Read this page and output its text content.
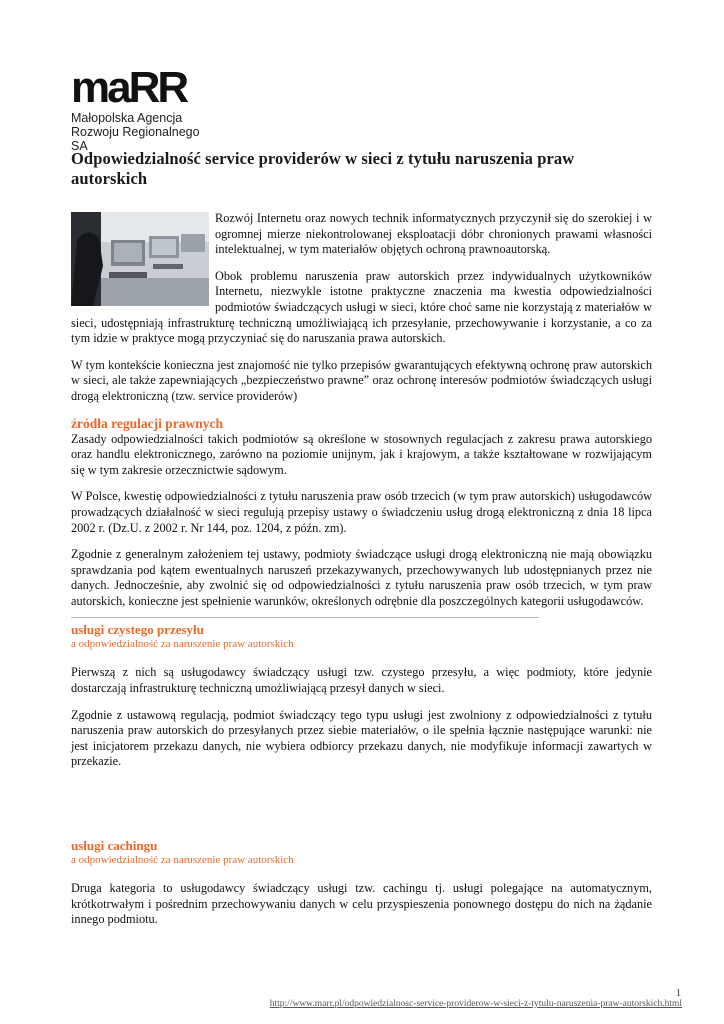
maRR
Małopolska Agencja
Rozwoju Regionalnego SA
Odpowiedzialność service providerów w sieci z tytułu naruszenia praw autorskich

Rozwój Internetu oraz nowych technik informatycznych przyczynił się do szerokiej i w ogromnej mierze niekontrolowanej eksploatacji dóbr chronionych prawami własności intelektualnej, w tym materiałów objętych ochroną prawnoautorską.

Obok problemu naruszenia praw autorskich przez indywidualnych użytkowników Internetu, niezwykle istotne praktyczne znaczenia ma kwestia odpowiedzialności podmiotów świadczących usługi w sieci, które choć same nie korzystają z materiałów w sieci, udostępniają infrastrukturę techniczną umożliwiającą ich przesyłanie, przechowywanie i korzystanie, a co za tym idzie w praktyce mogą przyczyniać się do naruszania prawa autorskich.

W tym kontekście konieczna jest znajomość nie tylko przepisów gwarantujących efektywną ochronę praw autorskich w sieci, ale także zapewniających „bezpieczeństwo prawne” oraz ochronę interesów podmiotów świadczących usługi drogą elektroniczną (tzw. service providerów)

źródła regulacji prawnych

Zasady odpowiedzialności takich podmiotów są określone w stosownych regulacjach z zakresu prawa autorskiego oraz handlu elektronicznego, zarówno na poziomie unijnym, jak i krajowym, a także kształtowane w rozwijającym się w tym zakresie orzecznictwie sądowym.

W Polsce, kwestię odpowiedzialności z tytułu naruszenia praw osób trzecich (w tym praw autorskich) usługodawców prowadzących działalność w sieci regulują przepisy ustawy o świadczeniu usług drogą elektroniczną z dnia 18 lipca 2002 r. (Dz.U. z 2002 r. Nr 144, poz. 1204, z późn. zm).

Zgodnie z generalnym założeniem tej ustawy, podmioty świadczące usługi drogą elektroniczną nie mają obowiązku sprawdzania pod kątem ewentualnych naruszeń przekazywanych, przechowywanych lub udostępnianych przez nie danych. Jednocześnie, aby zwolnić się od odpowiedzialności z tytułu naruszenia praw osób trzecich, w tym praw autorskich, konieczne jest spełnienie warunków, określonych odrębnie dla poszczególnych kategorii usługodawców.

usługi czystego przesyłu
a odpowiedzialność za naruszenie praw autorskich

Pierwszą z nich są usługodawcy świadczący usługi tzw. czystego przesyłu, a więc podmioty, które jedynie dostarczają infrastrukturę techniczną umożliwiającą przesył danych w sieci.

Zgodnie z ustawową regulacją, podmiot świadczący tego typu usługi jest zwolniony z odpowiedzialności z tytułu naruszenia praw autorskich do przesyłanych przez siebie materiałów, o ile spełnia łącznie następujące warunki: nie jest inicjatorem przekazu danych, nie wybiera odbiorcy przekazu danych, nie modyfikuje informacji zawartych w przekazie.

usługi cachingu
a odpowiedzialność za naruszenie praw autorskich

Druga kategoria to usługodawcy świadczący usługi tzw. cachingu tj. usługi polegające na automatycznym, krótkotrwałym i pośrednim przechowywaniu danych w celu przyspieszenia ponownego dostępu do nich na żądanie innego podmiotu.

1
http://www.marr.pl/odpowiedzialnosc-service-providerow-w-sieci-z-tytulu-naruszenia-praw-autorskich.html
